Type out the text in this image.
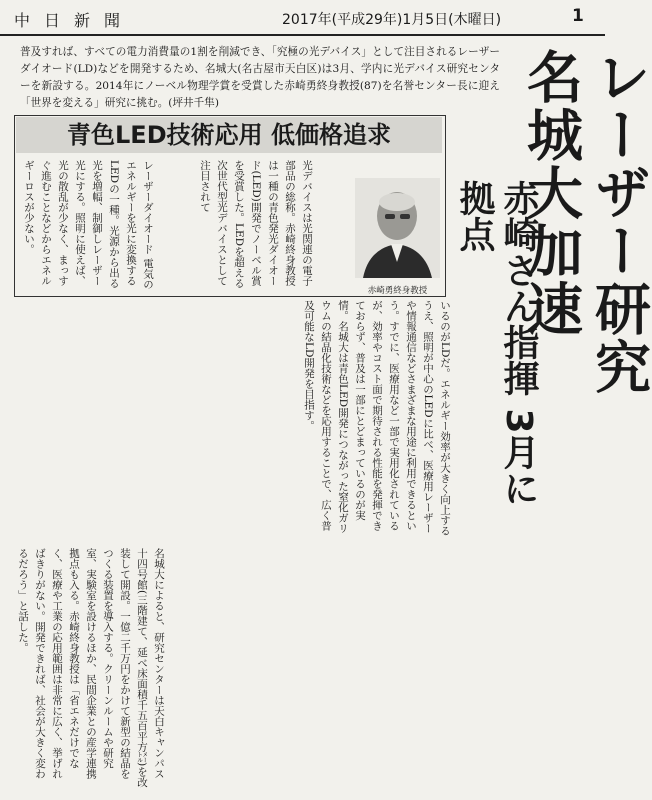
中日新聞	2017年(平成29年)1月5日(木曜日)	1
普及すれば、すべての電力消費量の1割を削減でき、「究極の光デバイス」として注目されるレーザーダイオード(LD)などを開発するため、名城大(名古屋市天白区)は3月、学内に光デバイス研究センターを新設する。2014年にノーベル物理学賞を受賞した赤崎勇終身教授(87)を名誉センター長に迎え「世界を変える」研究に挑む。(坪井千隼)	レーザー研究 名城大加速
赤崎さん指揮 3月に拠点
青色LED技術応用 低価格追求
レーザーダイオード 電気のエネルギーを光に変換するLEDの一種。光源から出る光を増幅、制御しレーザー光にする。照明に使えば、光の散乱が少なく、まっすぐ進むことなどからエネルギーロスが少ない。	光デバイスは光関連の電子部品の総称。赤崎終身教授は一種の青色発光ダイオード(LED)開発でノーベル賞を受賞した。LEDを超える次世代型光デバイスとして注目されて
赤崎勇終身教授
いるのがLDだ。エネルギー効率が大きく向上するうえ、照明が中心のLEDに比べ、医療用レーザーや情報通信などさまざまな用途に利用できるという。すでに、医療用など一部で実用化されているが、効率やコスト面で期待される性能を発揮できておらず、普及は一部にとどまっているのが実情。名城大は青色LED開発につながった窒化ガリウムの結晶化技術などを応用することで、広く普及可能なLD開発を目指す。
名城大によると、研究センターは天白キャンパス十四号館(三階建て、延べ床面積千五百平方㍍)を改装して開設。一億二千万円をかけて新型の結晶をつくる装置を導入する。クリーンルームや研究室、実験室を設けるほか、民間企業との産学連携拠点も入る。赤崎終身教授は「省エネだけでなく、医療や工業の応用範囲は非常に広く、挙げればきりがない。開発できれば、社会が大きく変わるだろう」と話した。
